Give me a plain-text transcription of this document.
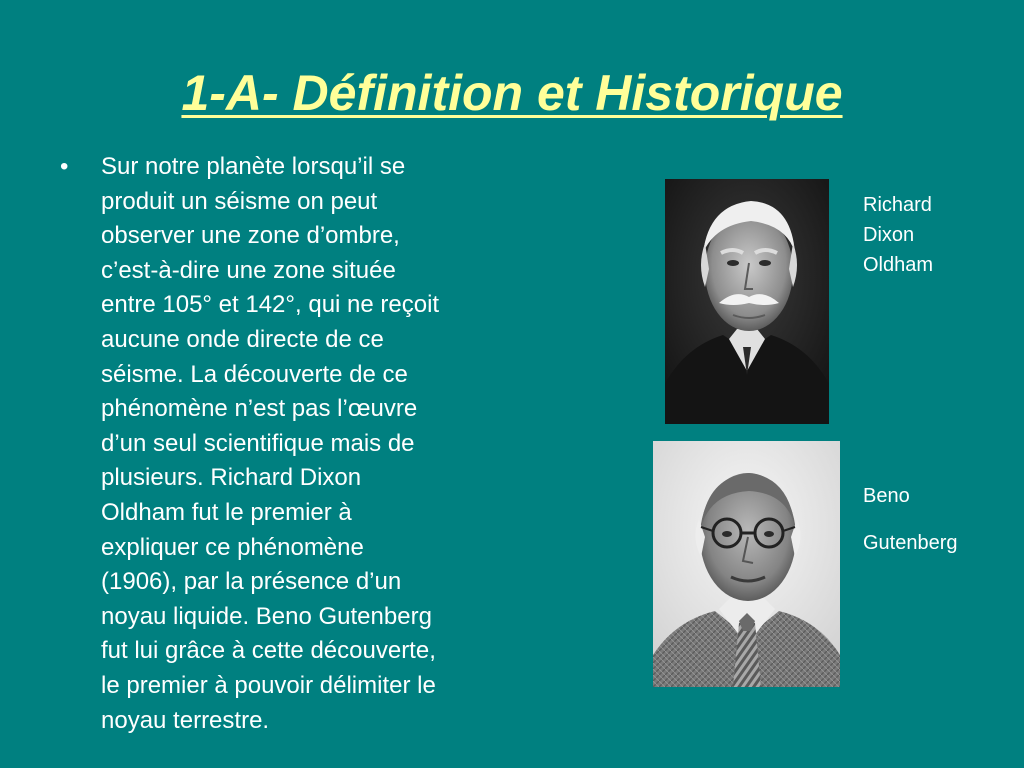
1-A- Définition et Historique
• Sur notre planète lorsqu’il se
produit un séisme on peut
observer une zone d’ombre,
c’est-à-dire une zone située
entre 105° et 142°, qui ne reçoit
aucune onde directe de ce
séisme. La découverte de ce
phénomène n’est pas l’œuvre
d’un seul scientifique mais de
plusieurs. Richard Dixon
Oldham fut le premier à
expliquer ce phénomène
(1906), par la présence d’un
noyau liquide. Beno Gutenberg
fut lui grâce à cette découverte,
le premier à pouvoir délimiter le
noyau terrestre.

Richard
Dixon
Oldham

Beno

Gutenberg
